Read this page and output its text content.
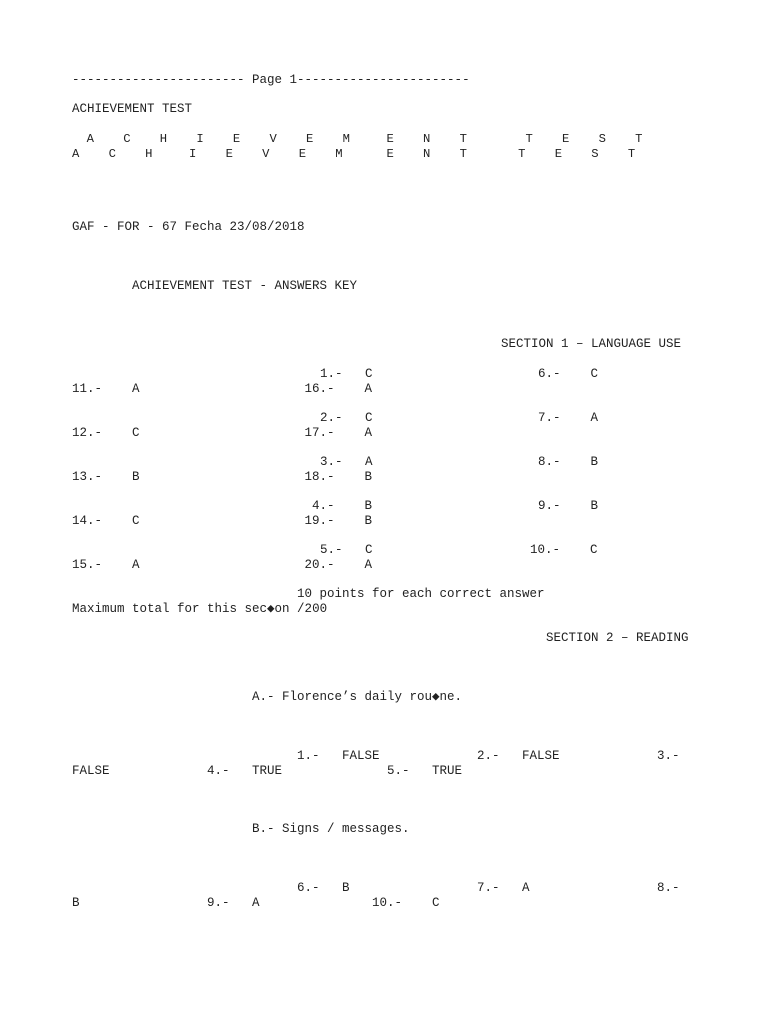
----------------------- Page 1-----------------------
ACHIEVEMENT TEST
A    C    H    I    E    V    E    M     E    N    T        T    E    S    T
A    C    H     I    E    V    E    M      E    N    T       T    E    S    T
GAF - FOR - 67 Fecha 23/08/2018
ACHIEVEMENT TEST - ANSWERS KEY
SECTION 1 – LANGUAGE USE
1.-   C	6.-    C
11.-    A                      16.-    A
2.-   C	7.-    A
12.-    C                      17.-    A
3.-   A	8.-    B
13.-    B                      18.-    B
4.-    B	9.-    B
14.-    C                      19.-    B
5.-   C	10.-    C
15.-    A                      20.-    A
10 points for each correct answer
Maximum total for this sec◆on /200
SECTION 2 – READING
A.- Florence’s daily rou◆ne.
1.-   FALSE             2.-   FALSE             3.-
FALSE             4.-   TRUE              5.-   TRUE
B.- Signs / messages.
6.-   B                 7.-   A                 8.-
B                 9.-   A               10.-    C
